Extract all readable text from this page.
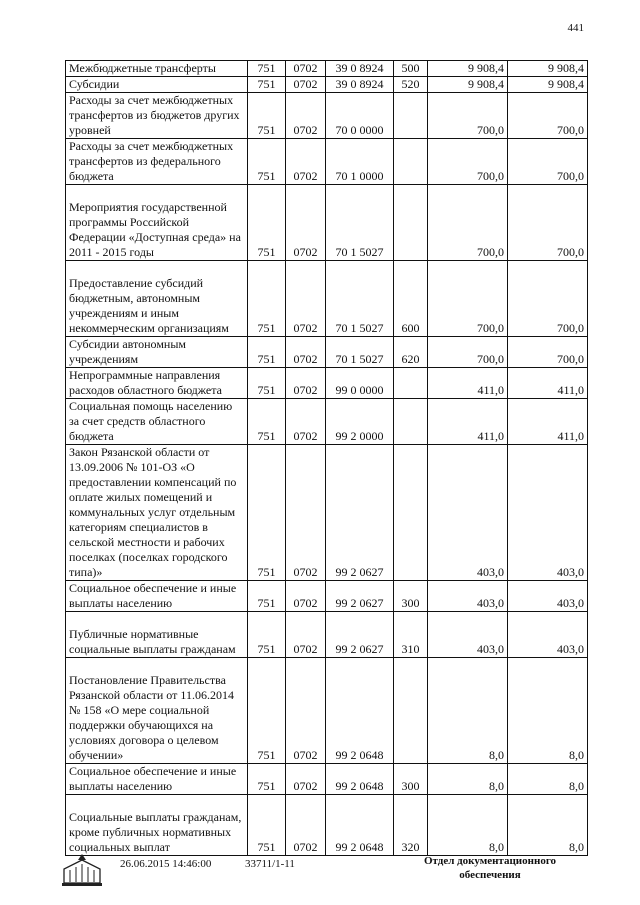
441
Межбюджетные трансферты	751	0702	39 0 8924	500	9 908,4	9 908,4
Субсидии	751	0702	39 0 8924	520	9 908,4	9 908,4
Расходы за счет межбюджетных трансфертов из бюджетов других уровней	751	0702	70 0 0000		700,0	700,0
Расходы за счет межбюджетных трансфертов из федерального бюджета	751	0702	70 1 0000		700,0	700,0
Мероприятия государственной программы Российской Федерации «Доступная среда» на 2011 - 2015 годы	751	0702	70 1 5027		700,0	700,0
Предоставление субсидий бюджетным, автономным учреждениям и иным некоммерческим организациям	751	0702	70 1 5027	600	700,0	700,0
Субсидии автономным учреждениям	751	0702	70 1 5027	620	700,0	700,0
Непрограммные направления расходов областного бюджета	751	0702	99 0 0000		411,0	411,0
Социальная помощь населению за счет средств областного бюджета	751	0702	99 2 0000		411,0	411,0
Закон Рязанской области от 13.09.2006 № 101-ОЗ «О предоставлении компенсаций по оплате жилых помещений и коммунальных услуг отдельным категориям специалистов в сельской местности и рабочих поселках (поселках городского типа)»	751	0702	99 2 0627		403,0	403,0
Социальное обеспечение и иные выплаты населению	751	0702	99 2 0627	300	403,0	403,0
Публичные нормативные социальные выплаты гражданам	751	0702	99 2 0627	310	403,0	403,0
Постановление Правительства Рязанской области от 11.06.2014 № 158 «О мере социальной поддержки обучающихся на условиях договора о целевом обучении»	751	0702	99 2 0648		8,0	8,0
Социальное обеспечение и иные выплаты населению	751	0702	99 2 0648	300	8,0	8,0
Социальные выплаты гражданам, кроме публичных нормативных социальных выплат	751	0702	99 2 0648	320	8,0	8,0
26.06.2015 14:46:00	33711/1-11	Отдел документационного
обеспечения
